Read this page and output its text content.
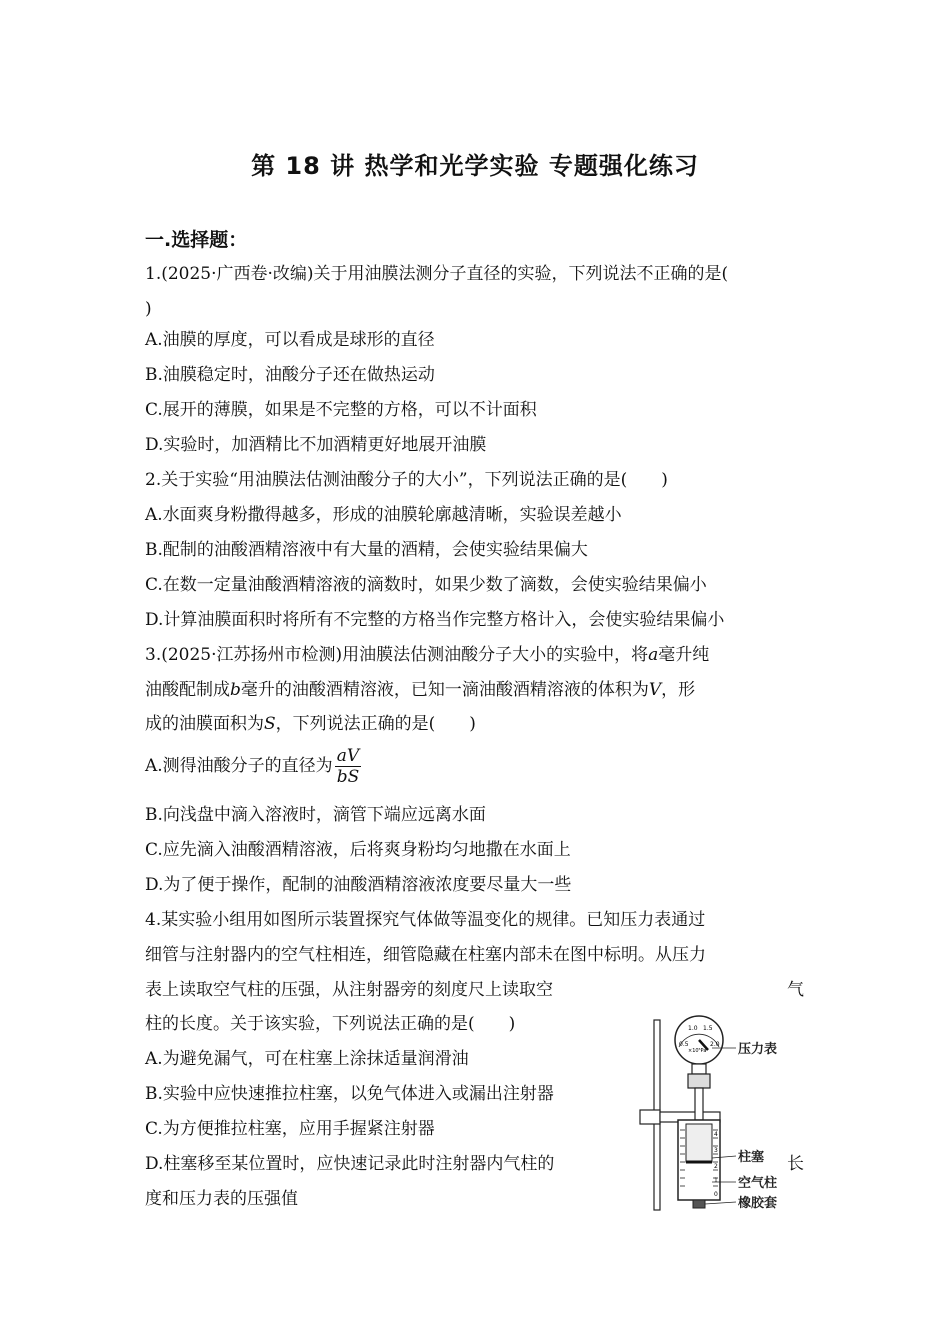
第 18 讲 热学和光学实验 专题强化练习
一.选择题：
1.(2025·广西卷·改编)关于用油膜法测分子直径的实验，下列说法不正确的是(
)
A.油膜的厚度，可以看成是球形的直径
B.油膜稳定时，油酸分子还在做热运动
C.展开的薄膜，如果是不完整的方格，可以不计面积
D.实验时，加酒精比不加酒精更好地展开油膜
2.关于实验“用油膜法估测油酸分子的大小”，下列说法正确的是(　　)
A.水面爽身粉撒得越多，形成的油膜轮廓越清晰，实验误差越小
B.配制的油酸酒精溶液中有大量的酒精，会使实验结果偏大
C.在数一定量油酸酒精溶液的滴数时，如果少数了滴数，会使实验结果偏小
D.计算油膜面积时将所有不完整的方格当作完整方格计入，会使实验结果偏小
3.(2025·江苏扬州市检测)用油膜法估测油酸分子大小的实验中，将a毫升纯
油酸配制成b毫升的油酸酒精溶液，已知一滴油酸酒精溶液的体积为V，形
成的油膜面积为S，下列说法正确的是(　　)
A.测得油酸分子的直径为 $\frac{aV}{bS}$
B.向浅盘中滴入溶液时，滴管下端应远离水面
C.应先滴入油酸酒精溶液，后将爽身粉均匀地撒在水面上
D.为了便于操作，配制的油酸酒精溶液浓度要尽量大一些
4.某实验小组用如图所示装置探究气体做等温变化的规律。已知压力表通过
细管与注射器内的空气柱相连，细管隐藏在柱塞内部未在图中标明。从压力
表上读取空气柱的压强，从注射器旁的刻度尺上读取空	气
柱的长度。关于该实验，下列说法正确的是(　　)
A.为避免漏气，可在柱塞上涂抹适量润滑油
B.实验中应快速推拉柱塞，以免气体进入或漏出注射器
C.为方便推拉柱塞，应用手握紧注射器
D.柱塞移至某位置时，应快速记录此时注射器内气柱的	长
度和压力表的压强值
0.5
1.0 1.5
2.0
×10⁵Pa
4
3
2
1
0
压力表
柱塞
空气柱
橡胶套
